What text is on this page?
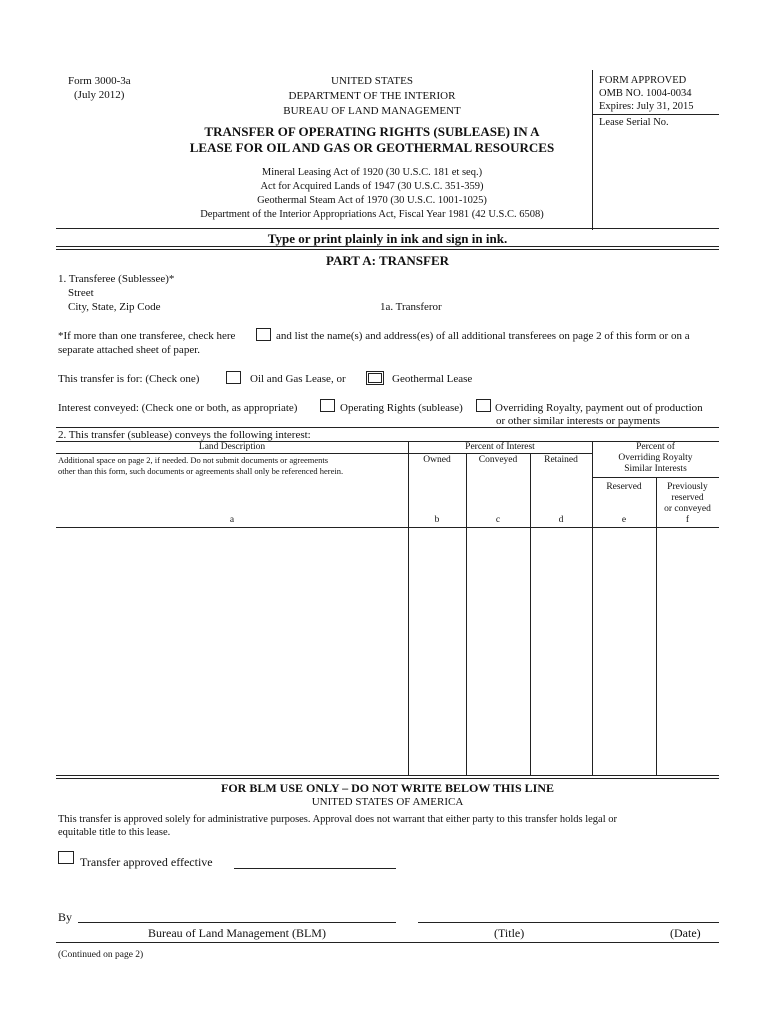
Form 3000-3a
(July 2012)
UNITED STATES
DEPARTMENT OF THE INTERIOR
BUREAU OF LAND MANAGEMENT
TRANSFER OF OPERATING RIGHTS (SUBLEASE) IN A
LEASE FOR OIL AND GAS OR GEOTHERMAL RESOURCES
Mineral Leasing Act of 1920 (30 U.S.C. 181 et seq.)
Act for Acquired Lands of 1947 (30 U.S.C. 351-359)
Geothermal Steam Act of 1970 (30 U.S.C. 1001-1025)
Department of the Interior Appropriations Act, Fiscal Year 1981 (42 U.S.C. 6508)
FORM APPROVED
OMB NO. 1004-0034
Expires: July 31, 2015
Lease Serial No.
Type or print plainly in ink and sign in ink.
PART A: TRANSFER
1. Transferee (Sublessee)*
Street
City, State, Zip Code	1a. Transferor
*If more than one transferee, check here	and list the name(s) and address(es) of all additional transferees on page 2 of this form or on a
separate attached sheet of paper.
This transfer is for: (Check one)	Oil and Gas Lease, or	Geothermal Lease
Interest conveyed: (Check one or both, as appropriate)	Operating Rights (sublease)	Overriding Royalty, payment out of production
or other similar interests or payments
2. This transfer (sublease) conveys the following interest:
Land Description
Additional space on page 2, if needed. Do not submit documents or agreements
other than this form, such documents or agreements shall only be referenced herein.
Percent of Interest
Owned	Conveyed	Retained
Percent of
Overriding Royalty
Similar Interests
Reserved	Previously
reserved
or conveyed
a	b	c	d	e	f
FOR BLM USE ONLY – DO NOT WRITE BELOW THIS LINE
UNITED STATES OF AMERICA
This transfer is approved solely for administrative purposes. Approval does not warrant that either party to this transfer holds legal or
equitable title to this lease.
Transfer approved effective
By
Bureau of Land Management (BLM)	(Title)	(Date)
(Continued on page 2)
